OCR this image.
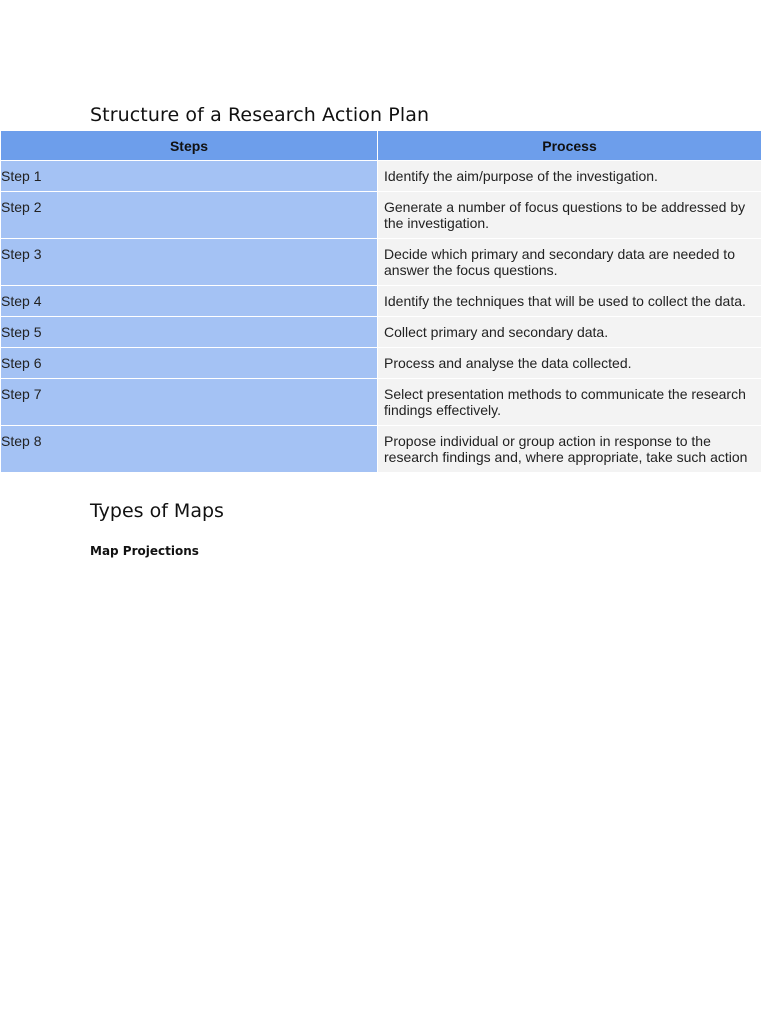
Structure of a Research Action Plan
Steps	Process
Step 1	Identify the aim/purpose of the investigation.
Step 2	Generate a number of focus questions to be addressed by the investigation.
Step 3	Decide which primary and secondary data are needed to answer the focus questions.
Step 4	Identify the techniques that will be used to collect the data.
Step 5	Collect primary and secondary data.
Step 6	Process and analyse the data collected.
Step 7	Select presentation methods to communicate the research findings effectively.
Step 8	Propose individual or group action in response to the research findings and, where appropriate, take such action
Types of Maps
Map Projections
